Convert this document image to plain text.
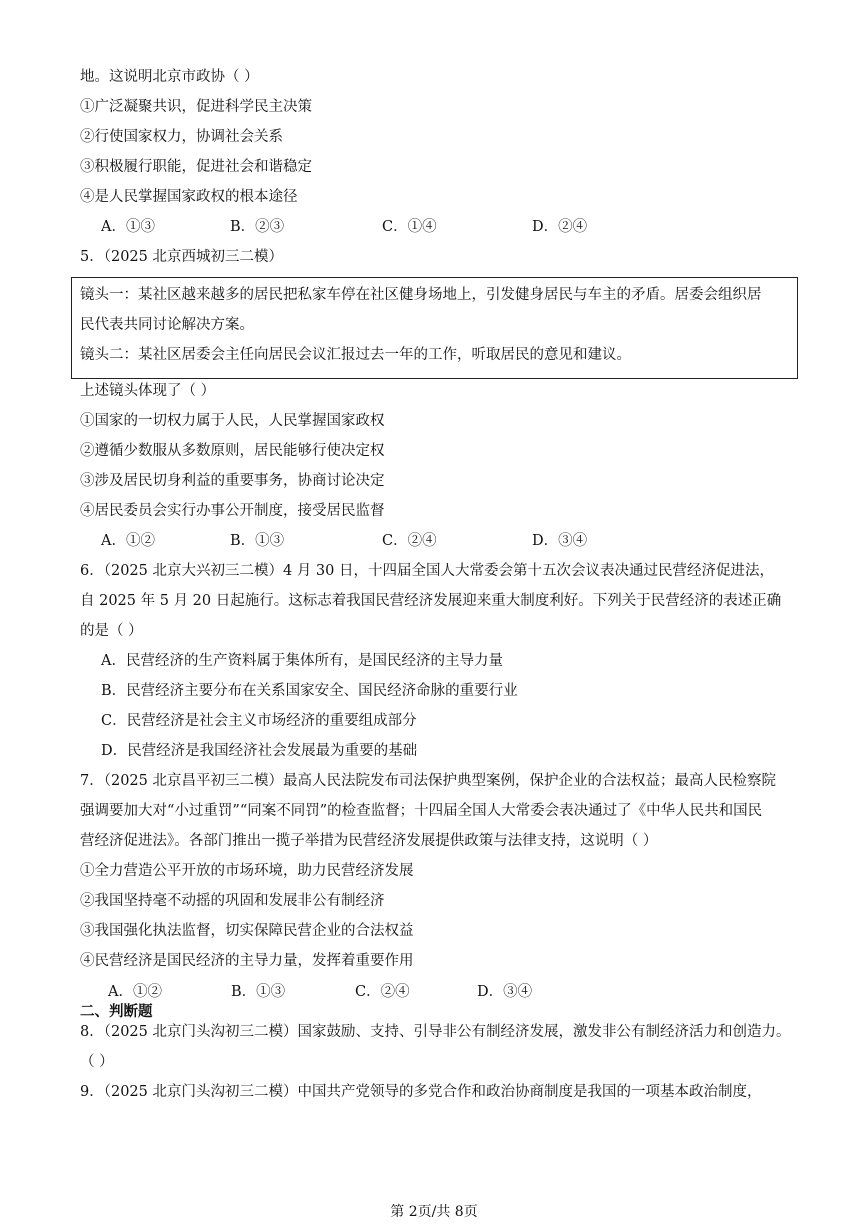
地。这说明北京市政协（ ）
①广泛凝聚共识，促进科学民主决策
②行使国家权力，协调社会关系
③积极履行职能，促进社会和谐稳定
④是人民掌握国家政权的根本途径
A．①③	B．②③	C．①④	D．②④
5．（2025 北京西城初三二模）
镜头一：某社区越来越多的居民把私家车停在社区健身场地上，引发健身居民与车主的矛盾。居委会组织居
民代表共同讨论解决方案。
镜头二：某社区居委会主任向居民会议汇报过去一年的工作，听取居民的意见和建议。
上述镜头体现了（ ）
①国家的一切权力属于人民，人民掌握国家政权
②遵循少数服从多数原则，居民能够行使决定权
③涉及居民切身利益的重要事务，协商讨论决定
④居民委员会实行办事公开制度，接受居民监督
A．①②	B．①③	C．②④	D．③④
6．（2025 北京大兴初三二模）4 月 30 日，十四届全国人大常委会第十五次会议表决通过民营经济促进法，
自 2025 年 5 月 20 日起施行。这标志着我国民营经济发展迎来重大制度利好。下列关于民营经济的表述正确
的是（ ）
A．民营经济的生产资料属于集体所有，是国民经济的主导力量
B．民营经济主要分布在关系国家安全、国民经济命脉的重要行业
C．民营经济是社会主义市场经济的重要组成部分
D．民营经济是我国经济社会发展最为重要的基础
7．（2025 北京昌平初三二模）最高人民法院发布司法保护典型案例，保护企业的合法权益；最高人民检察院
强调要加大对“小过重罚”“同案不同罚”的检查监督；十四届全国人大常委会表决通过了《中华人民共和国民
营经济促进法》。各部门推出一揽子举措为民营经济发展提供政策与法律支持，这说明（ ）
①全力营造公平开放的市场环境，助力民营经济发展
②我国坚持毫不动摇的巩固和发展非公有制经济
③我国强化执法监督，切实保障民营企业的合法权益
④民营经济是国民经济的主导力量，发挥着重要作用
A．①②	B．①③	C．②④	D．③④
二、判断题
8．（2025 北京门头沟初三二模）国家鼓励、支持、引导非公有制经济发展，激发非公有制经济活力和创造力。
（ ）
9．（2025 北京门头沟初三二模）中国共产党领导的多党合作和政治协商制度是我国的一项基本政治制度，
第 2页/共 8页
